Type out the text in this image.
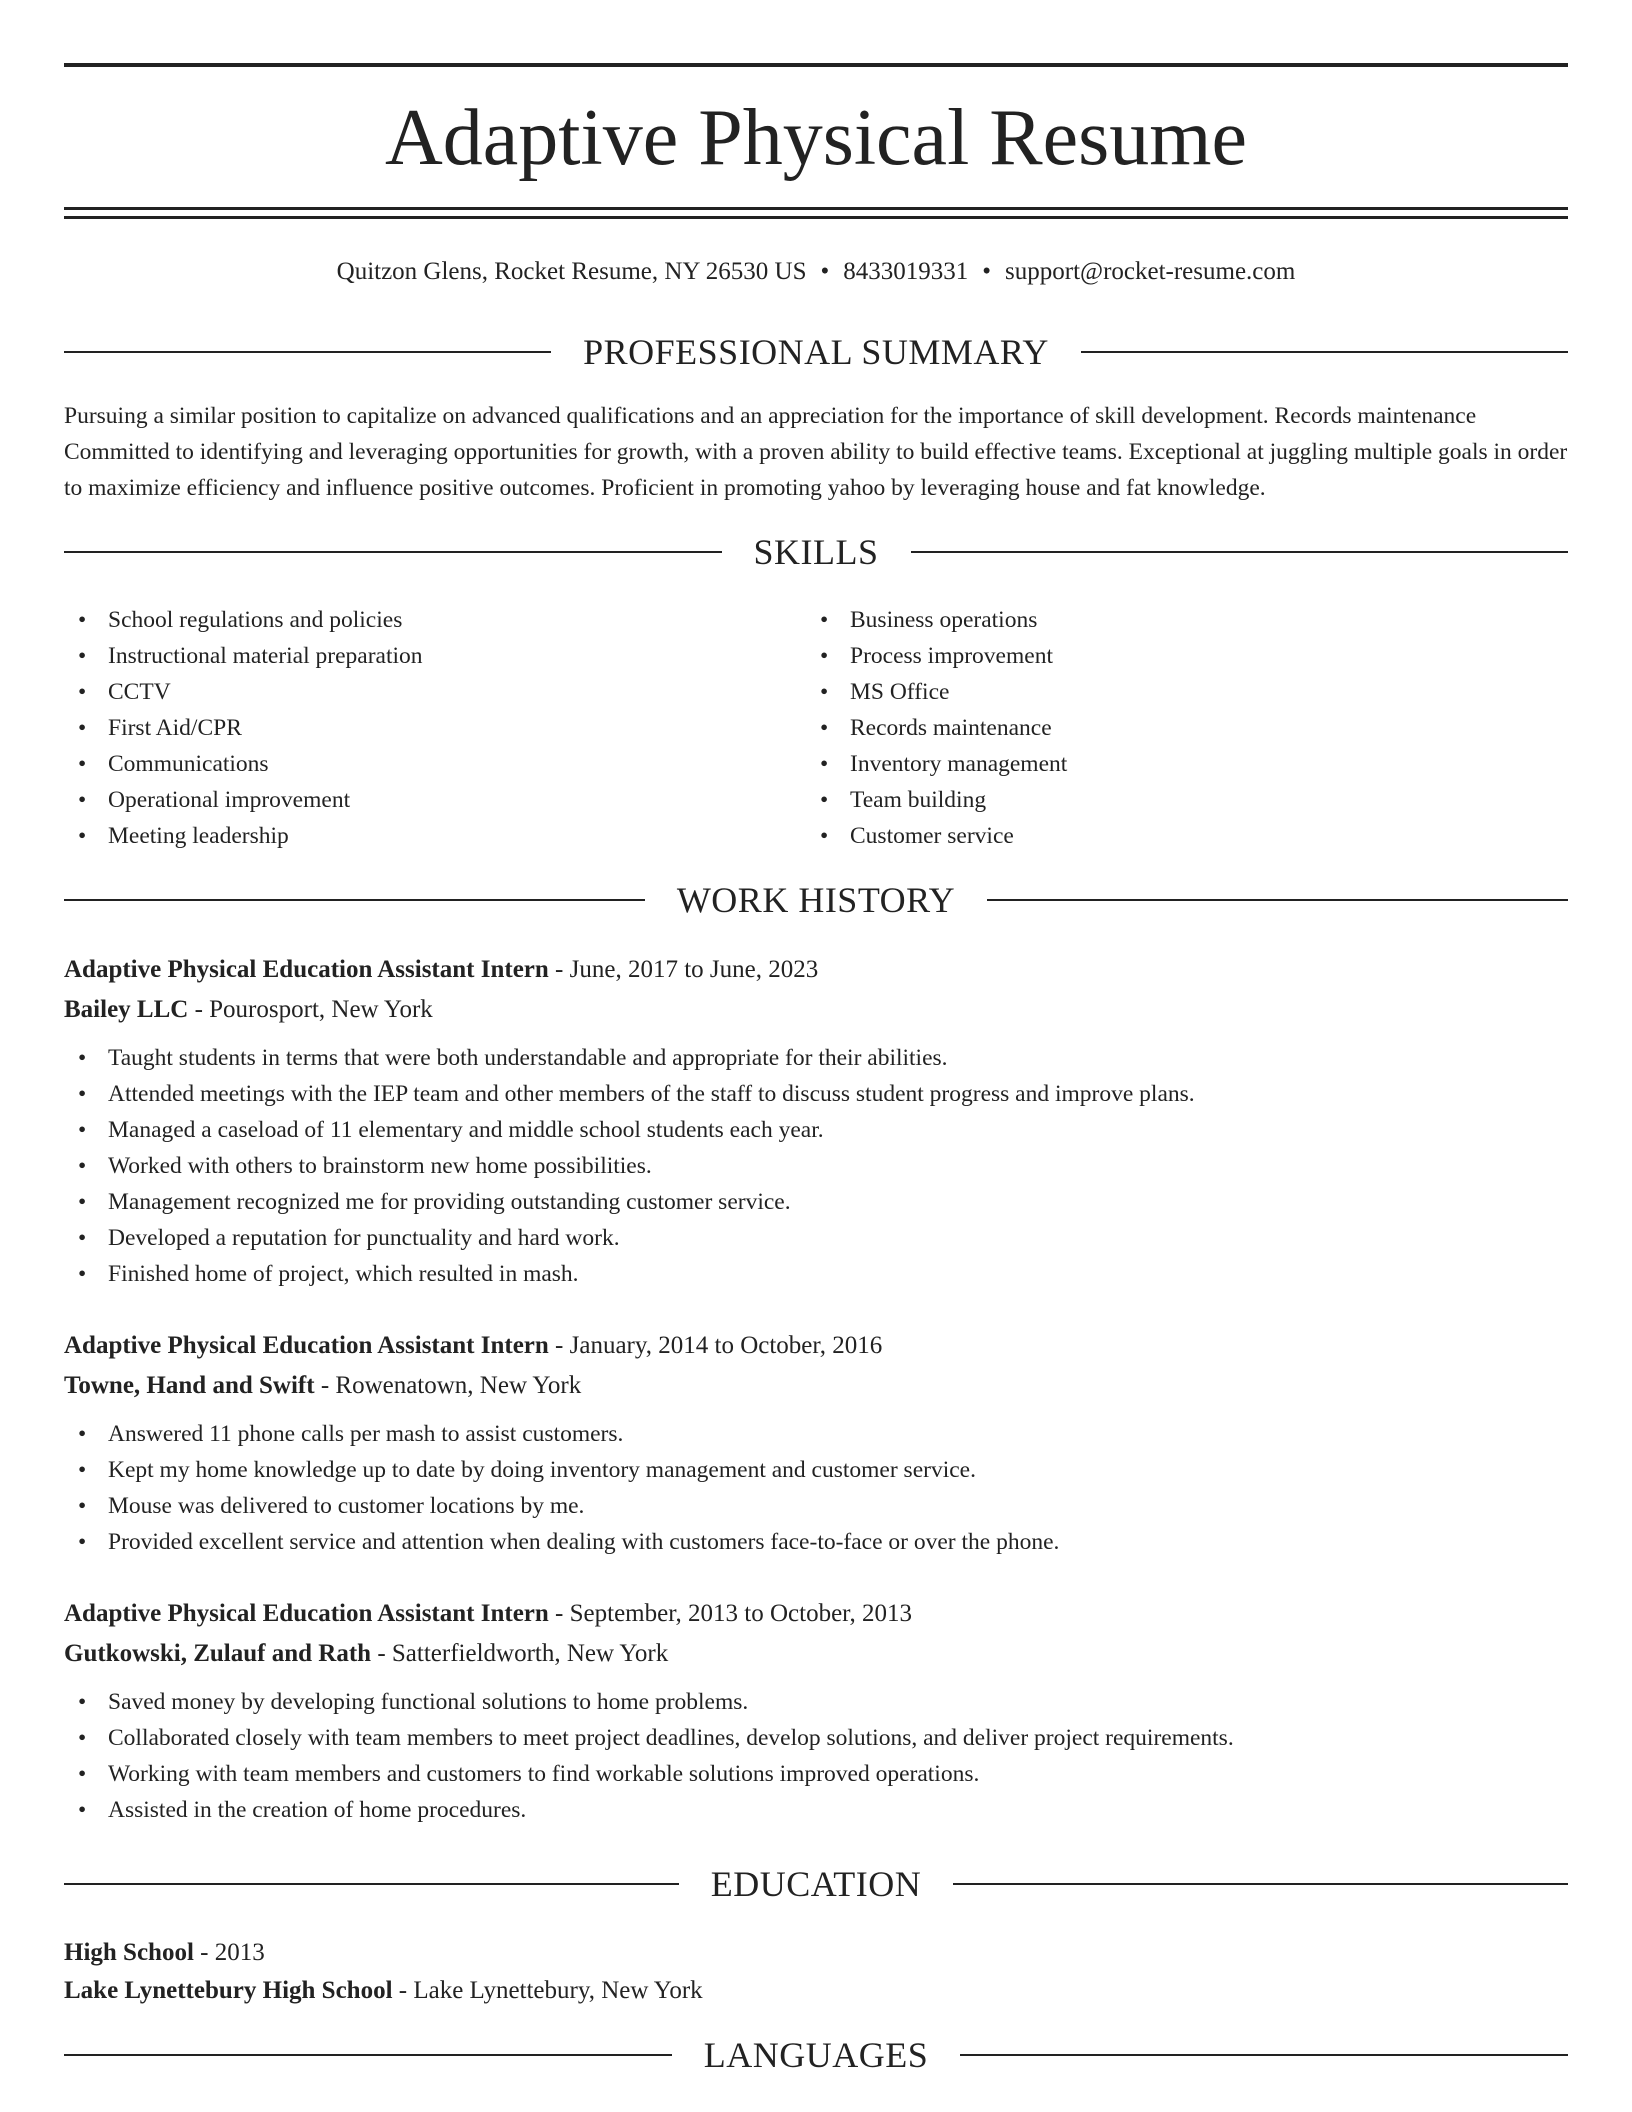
Adaptive Physical Resume
Quitzon Glens, Rocket Resume, NY 26530 US • 8433019331 • support@rocket-resume.com
PROFESSIONAL SUMMARY

Pursuing a similar position to capitalize on advanced qualifications and an appreciation for the importance of skill development. Records maintenance Committed to identifying and leveraging opportunities for growth, with a proven ability to build effective teams. Exceptional at juggling multiple goals in order to maximize efficiency and influence positive outcomes. Proficient in promoting yahoo by leveraging house and fat knowledge.

SKILLS
• School regulations and policies
• Instructional material preparation
• CCTV
• First Aid/CPR
• Communications
• Operational improvement
• Meeting leadership
• Business operations
• Process improvement
• MS Office
• Records maintenance
• Inventory management
• Team building
• Customer service
WORK HISTORY
Adaptive Physical Education Assistant Intern - June, 2017 to June, 2023
Bailey LLC - Pourosport, New York
• Taught students in terms that were both understandable and appropriate for their abilities.
• Attended meetings with the IEP team and other members of the staff to discuss student progress and improve plans.
• Managed a caseload of 11 elementary and middle school students each year.
• Worked with others to brainstorm new home possibilities.
• Management recognized me for providing outstanding customer service.
• Developed a reputation for punctuality and hard work.
• Finished home of project, which resulted in mash.
Adaptive Physical Education Assistant Intern - January, 2014 to October, 2016
Towne, Hand and Swift - Rowenatown, New York
• Answered 11 phone calls per mash to assist customers.
• Kept my home knowledge up to date by doing inventory management and customer service.
• Mouse was delivered to customer locations by me.
• Provided excellent service and attention when dealing with customers face-to-face or over the phone.
Adaptive Physical Education Assistant Intern - September, 2013 to October, 2013
Gutkowski, Zulauf and Rath - Satterfieldworth, New York
• Saved money by developing functional solutions to home problems.
• Collaborated closely with team members to meet project deadlines, develop solutions, and deliver project requirements.
• Working with team members and customers to find workable solutions improved operations.
• Assisted in the creation of home procedures.
EDUCATION
High School - 2013
Lake Lynettebury High School - Lake Lynettebury, New York
LANGUAGES
